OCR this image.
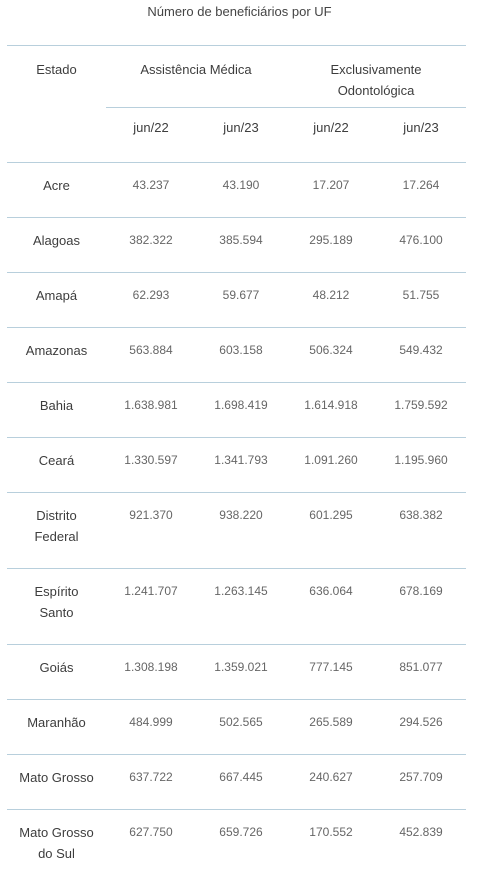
Número de beneficiários por UF
Estado	Assistência Médica		Exclusivamente
Odontológica	
	jun/22	jun/23	jun/22	jun/23
Acre	43.237	43.190	17.207	17.264
Alagoas	382.322	385.594	295.189	476.100
Amapá	62.293	59.677	48.212	51.755
Amazonas	563.884	603.158	506.324	549.432
Bahia	1.638.981	1.698.419	1.614.918	1.759.592
Ceará	1.330.597	1.341.793	1.091.260	1.195.960
Distrito
Federal	921.370	938.220	601.295	638.382
Espírito
Santo	1.241.707	1.263.145	636.064	678.169
Goiás	1.308.198	1.359.021	777.145	851.077
Maranhão	484.999	502.565	265.589	294.526
Mato Grosso	637.722	667.445	240.627	257.709
Mato Grosso
do Sul	627.750	659.726	170.552	452.839
